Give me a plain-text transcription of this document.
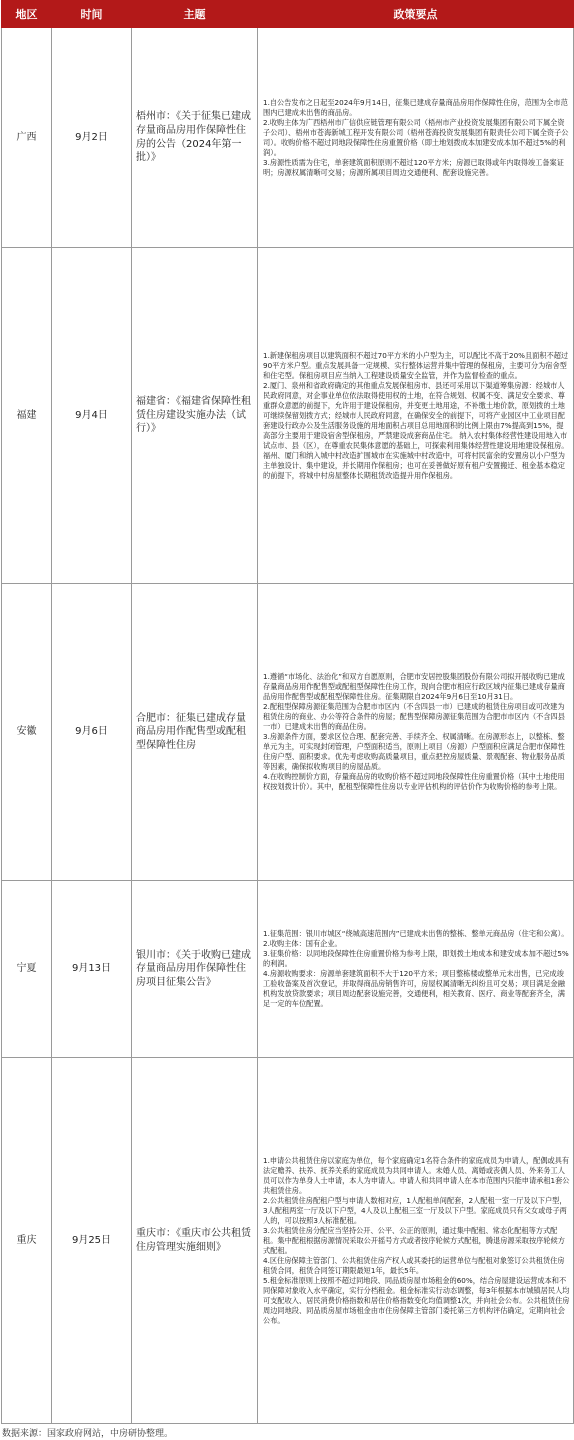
地区	时间	主题	政策要点
广西	9月2日	梧州市：《关于征集已建成存量商品房用作保障性住房的公告（2024年第一批）》	1.自公告发布之日起至2024年9月14日，征集已建成存量商品房用作保障性住房，范围为全市范围内已建成未出售的商品房。

2.收购主体为广西梧州市广信供应链管理有限公司（梧州市产业投资发展集团有限公司下属全资子公司）、梧州市苍海新城工程开发有限公司（梧州苍海投资发展集团有限责任公司下属全资子公司）。收购价格不超过同地段保障性住房重置价格（即土地划拨成本加建安成本加不超过5%的利润）。

3.房源性质需为住宅，单套建筑面积原则不超过120平方米；房源已取得或年内取得竣工备案证明；房源权属清晰可交易；房源所属项目周边交通便利、配套设施完善。

福建	9月4日	福建省：《福建省保障性租赁住房建设实施办法（试行）》	1.新建保租房项目以建筑面积不超过70平方米的小户型为主，可以配比不高于20%且面积不超过90平方米户型。重点发展具备一定规模、实行整体运营并集中管理的保租房，主要可分为宿舍型和住宅型。保租房项目应当纳入工程建设质量安全监管，并作为监督检查的重点。

2.厦门、泉州和省政府确定的其他重点发展保租房市、县还可采用以下渠道筹集房源：经城市人民政府同意，对企事业单位依法取得使用权的土地，在符合规划、权属不变、满足安全要求、尊重群众意愿的前提下，允许用于建设保租房，并变更土地用途，不补缴土地价款，原划拨的土地可继续保留划拨方式；经城市人民政府同意，在确保安全的前提下，可将产业园区中工业项目配套建设行政办公及生活服务设施的用地面积占项目总用地面积的比例上限由7%提高到15%，提高部分主要用于建设宿舍型保租房，严禁建设成套商品住宅。 纳入农村集体经营性建设用地入市试点市、县（区），在尊重农民集体意愿的基础上，可探索利用集体经营性建设用地建设保租房。福州、厦门和纳入城中村改造扩围城市在实施城中村改造中，可将村民富余的安置房以小户型为主单独设计、集中建设，并长期用作保租房；也可在妥善做好原有租户安置搬迁、租金基本稳定的前提下，将城中村房屋整体长期租赁改造提升用作保租房。

安徽	9月6日	合肥市：征集已建成存量商品房用作配售型或配租型保障性住房	1.遵循“市场化、法治化”和双方自愿原则，合肥市安居控股集团股份有限公司拟开展收购已建成存量商品房用作配售型或配租型保障性住房工作，现向合肥市相应行政区域内征集已建成存量商品房用作配售型或配租型保障性住房。征集期限自2024年9月6日至10月31日。

2.配租型保障房源征集范围为合肥市市区内（不含四县一市）已建成的租赁住房项目或可改建为租赁住房的商业、办公等符合条件的房屋；配售型保障房源征集范围为合肥市市区内（不含四县一市）已建成未出售的商品住房。

3.房源条件方面，要求区位合理、配套完善、手续齐全、权属清晰。在房源形态上，以整栋、整单元为主，可实现封闭管理，户型面积适当，原则上项目（房源）户型面积应满足合肥市保障性住房户型、面积要求。优先考虑收购高质量项目，重点把控房屋质量、景观配套、物业服务品质等因素，确保拟收购项目的房屋品质。

4.在收购控制价方面，存量商品房的收购价格不超过同地段保障性住房重置价格（其中土地使用权按划拨计价）。其中，配租型保障性住房以专业评估机构的评估价作为收购价格的参考上限。

宁夏	9月13日	银川市：《关于收购已建成存量商品房用作保障性住房项目征集公告》	1.征集范围：银川市城区“绕城高速范围内”已建成未出售的整栋、整单元商品房（住宅和公寓）。

2.收购主体：国有企业。

3.征集价格：以同地段保障性住房重置价格为参考上限，即划拨土地成本和建安成本加不超过5%的利润。

4.房源收购要求：房源单套建筑面积不大于120平方米；项目整栋楼或整单元未出售，已完成竣工验收备案及首次登记，并取得商品房销售许可，房屋权属清晰无纠纷且可交易；项目满足金融机构发放贷款要求；项目周边配套设施完善，交通便利，相关教育、医疗、商业等配套齐全，满足一定的车位配置。

重庆	9月25日	重庆市：《重庆市公共租赁住房管理实施细则》	1.申请公共租赁住房以家庭为单位，每个家庭确定1名符合条件的家庭成员为申请人，配偶或具有法定赡养、扶养、抚养关系的家庭成员为共同申请人。未婚人员、离婚或丧偶人员、外来务工人员可以作为单身人士申请，本人为申请人。申请人和共同申请人在本市范围内只能申请承租1套公共租赁住房。

2.公共租赁住房配租户型与申请人数相对应，1人配租单间配套，2人配租一室一厅及以下户型，3人配租两室一厅及以下户型，4人及以上配租三室一厅及以下户型。家庭成员只有父女或母子两人的，可以按照3人标准配租。

3.公共租赁住房分配应当坚持公开、公平、公正的原则，通过集中配租、常态化配租等方式配租。集中配租根据房源情况采取公开摇号方式或者按序轮候方式配租，腾退房源采取按序轮候方式配租。

4.区住房保障主管部门、公共租赁住房产权人或其委托的运营单位与配租对象签订公共租赁住房租赁合同，租赁合同签订期限最短1年，最长5年。

5.租金标准原则上按照不超过同地段、同品质房屋市场租金的60%，结合房屋建设运营成本和不同保障对象收入水平确定，实行分档租金。租金标准实行动态调整，每3年根据本市城镇居民人均可支配收入、居民消费价格指数和居住价格指数变化均值调整1次，并向社会公布。公共租赁住房周边同地段、同品质房屋市场租金由市住房保障主管部门委托第三方机构评估确定，定期向社会公布。

数据来源：国家政府网站，中房研协整理。
